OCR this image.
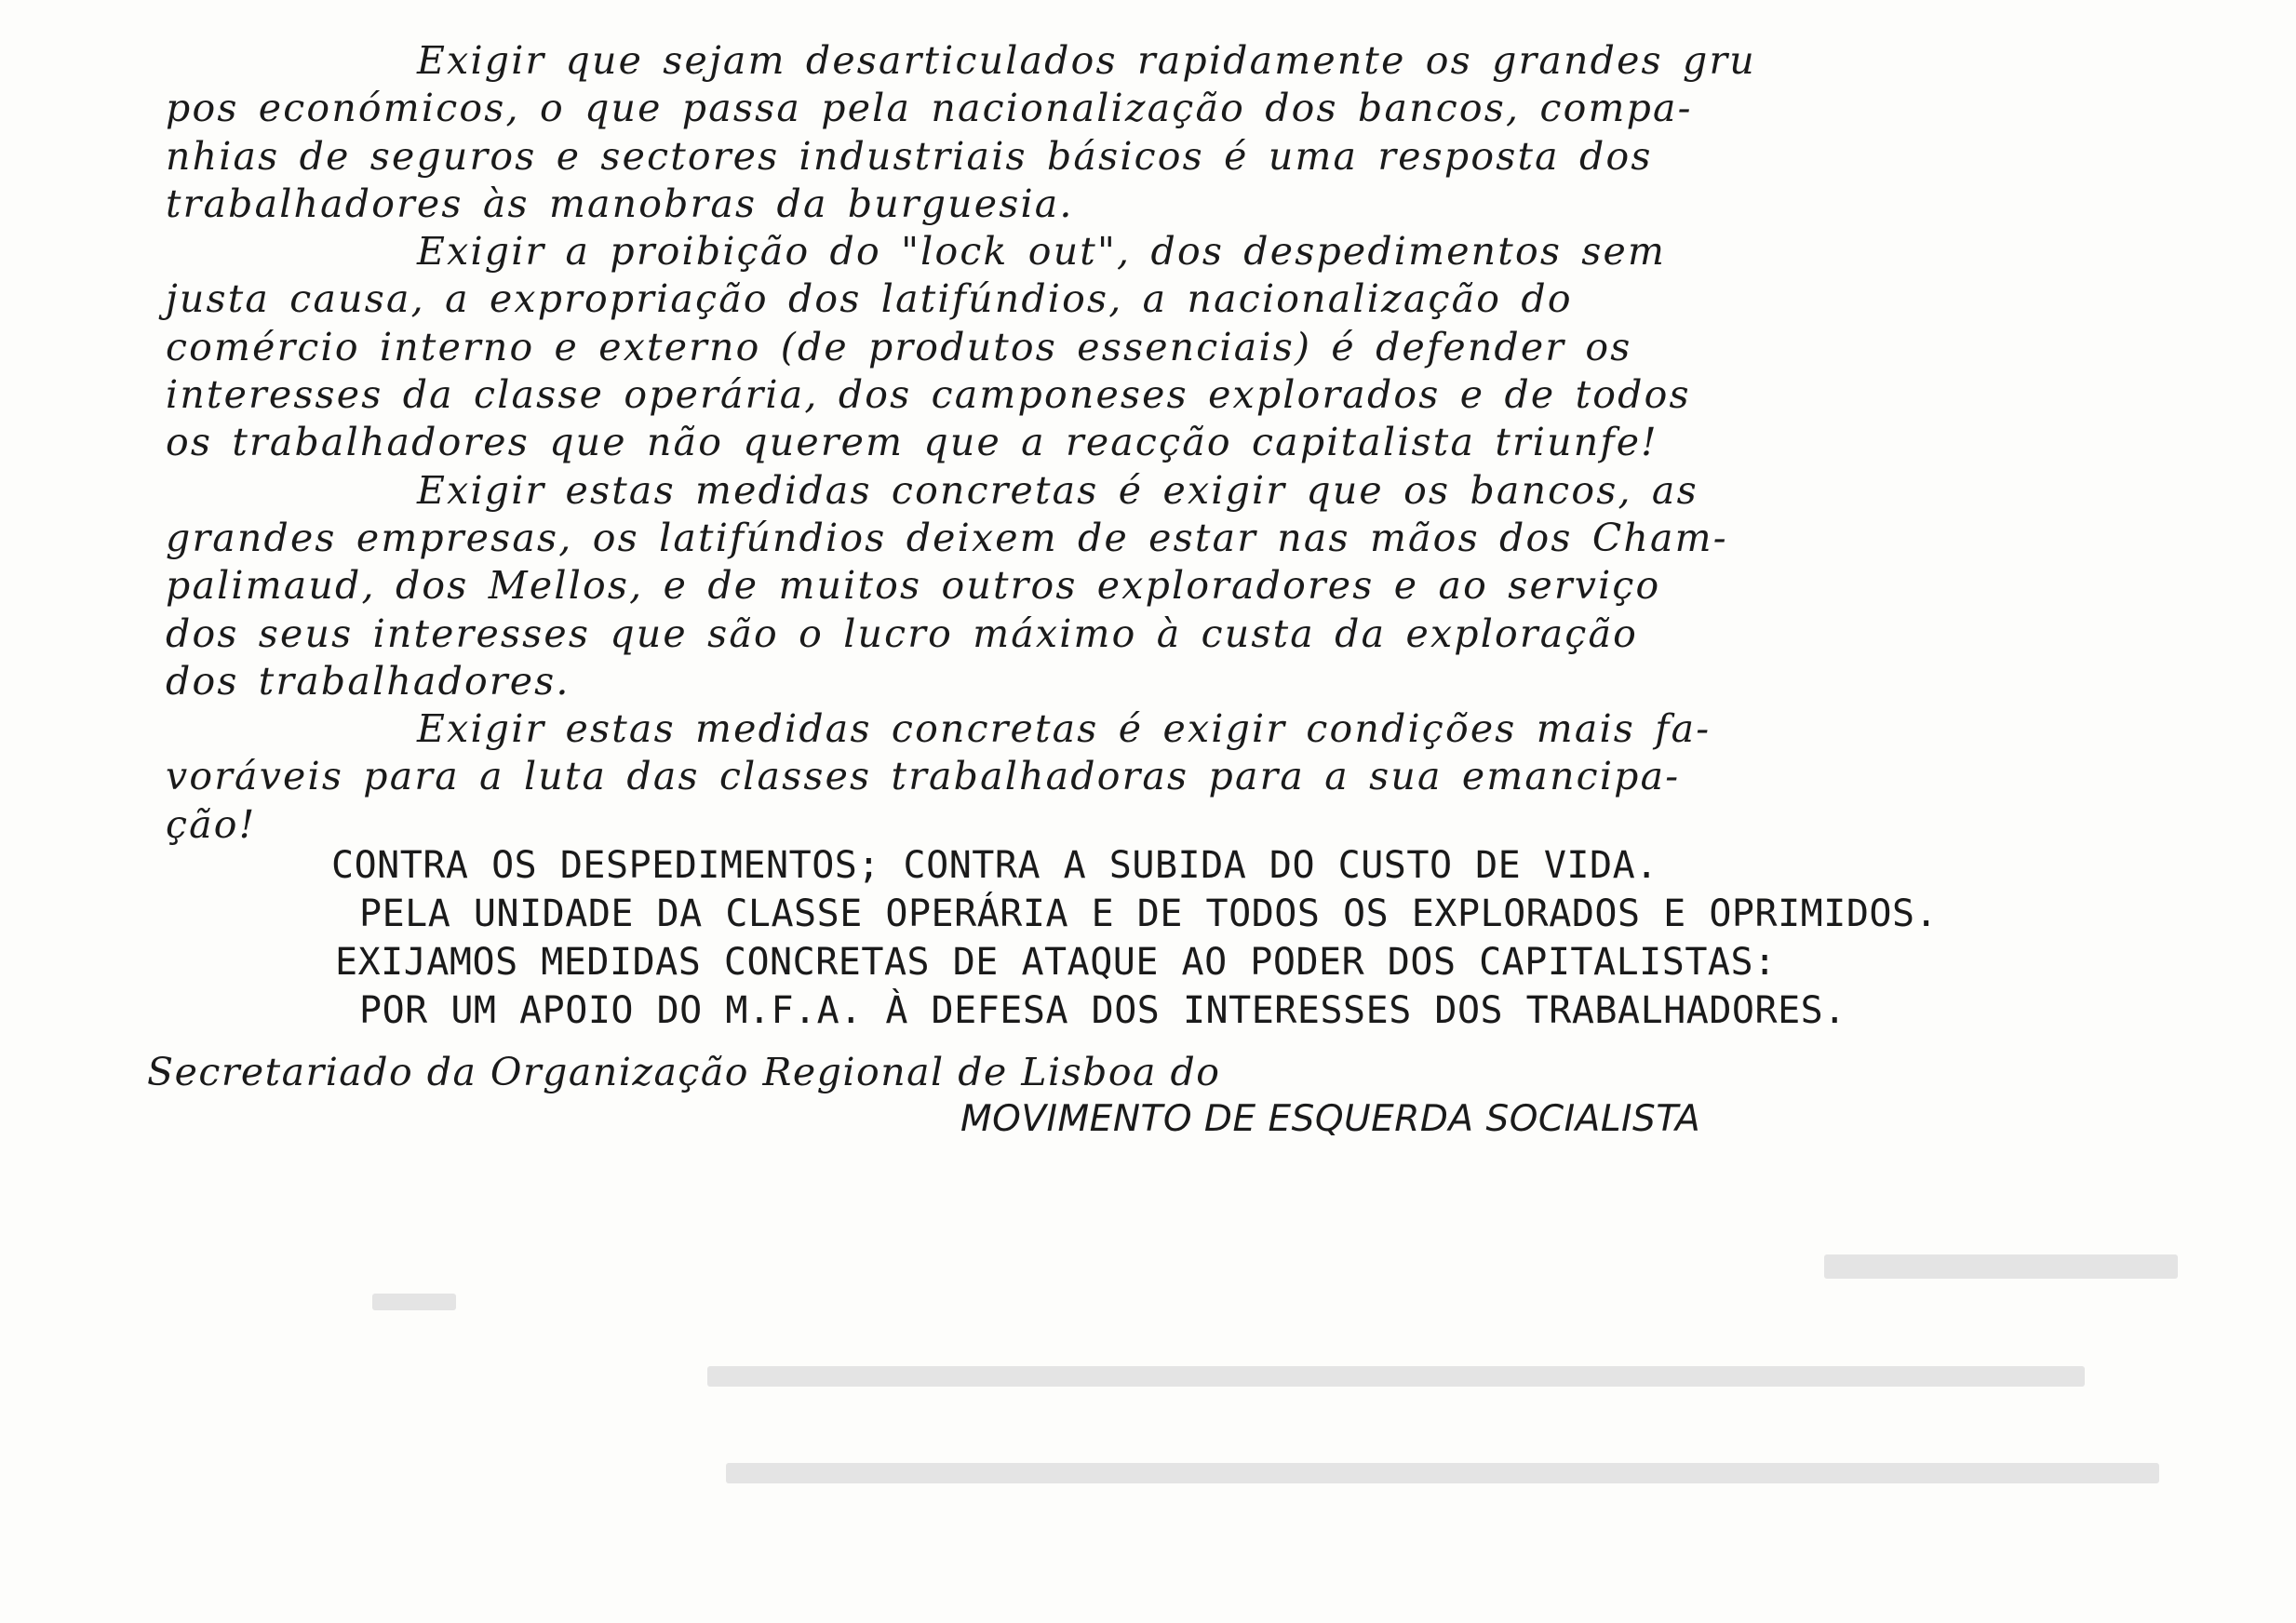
Exigir que sejam desarticulados rapidamente os grandes gru
pos económicos, o que passa pela nacionalização dos bancos, compa-
nhias de seguros e sectores industriais básicos é uma resposta dos
trabalhadores às manobras da burguesia.
Exigir a proibição do "lock out", dos despedimentos sem
justa causa, a expropriação dos latifúndios, a nacionalização do
comércio interno e externo (de produtos essenciais) é defender os
interesses da classe operária, dos camponeses explorados e de todos
os trabalhadores que não querem que a reacção capitalista triunfe!
Exigir estas medidas concretas é exigir que os bancos, as
grandes empresas, os latifúndios deixem de estar nas mãos dos Cham-
palimaud, dos Mellos, e de muitos outros exploradores e ao serviço
dos seus interesses que são o lucro máximo à custa da exploração
dos trabalhadores.
Exigir estas medidas concretas é exigir condições mais fa-
voráveis para a luta das classes trabalhadoras para a sua emancipa-
ção!
CONTRA OS DESPEDIMENTOS; CONTRA A SUBIDA DO CUSTO DE VIDA.
PELA UNIDADE DA CLASSE OPERÁRIA E DE TODOS OS EXPLORADOS E OPRIMIDOS.
EXIJAMOS MEDIDAS CONCRETAS DE ATAQUE AO PODER DOS CAPITALISTAS:
POR UM APOIO DO M.F.A. À DEFESA DOS INTERESSES DOS TRABALHADORES.
Secretariado da Organização Regional de Lisboa do
MOVIMENTO DE ESQUERDA SOCIALISTA
